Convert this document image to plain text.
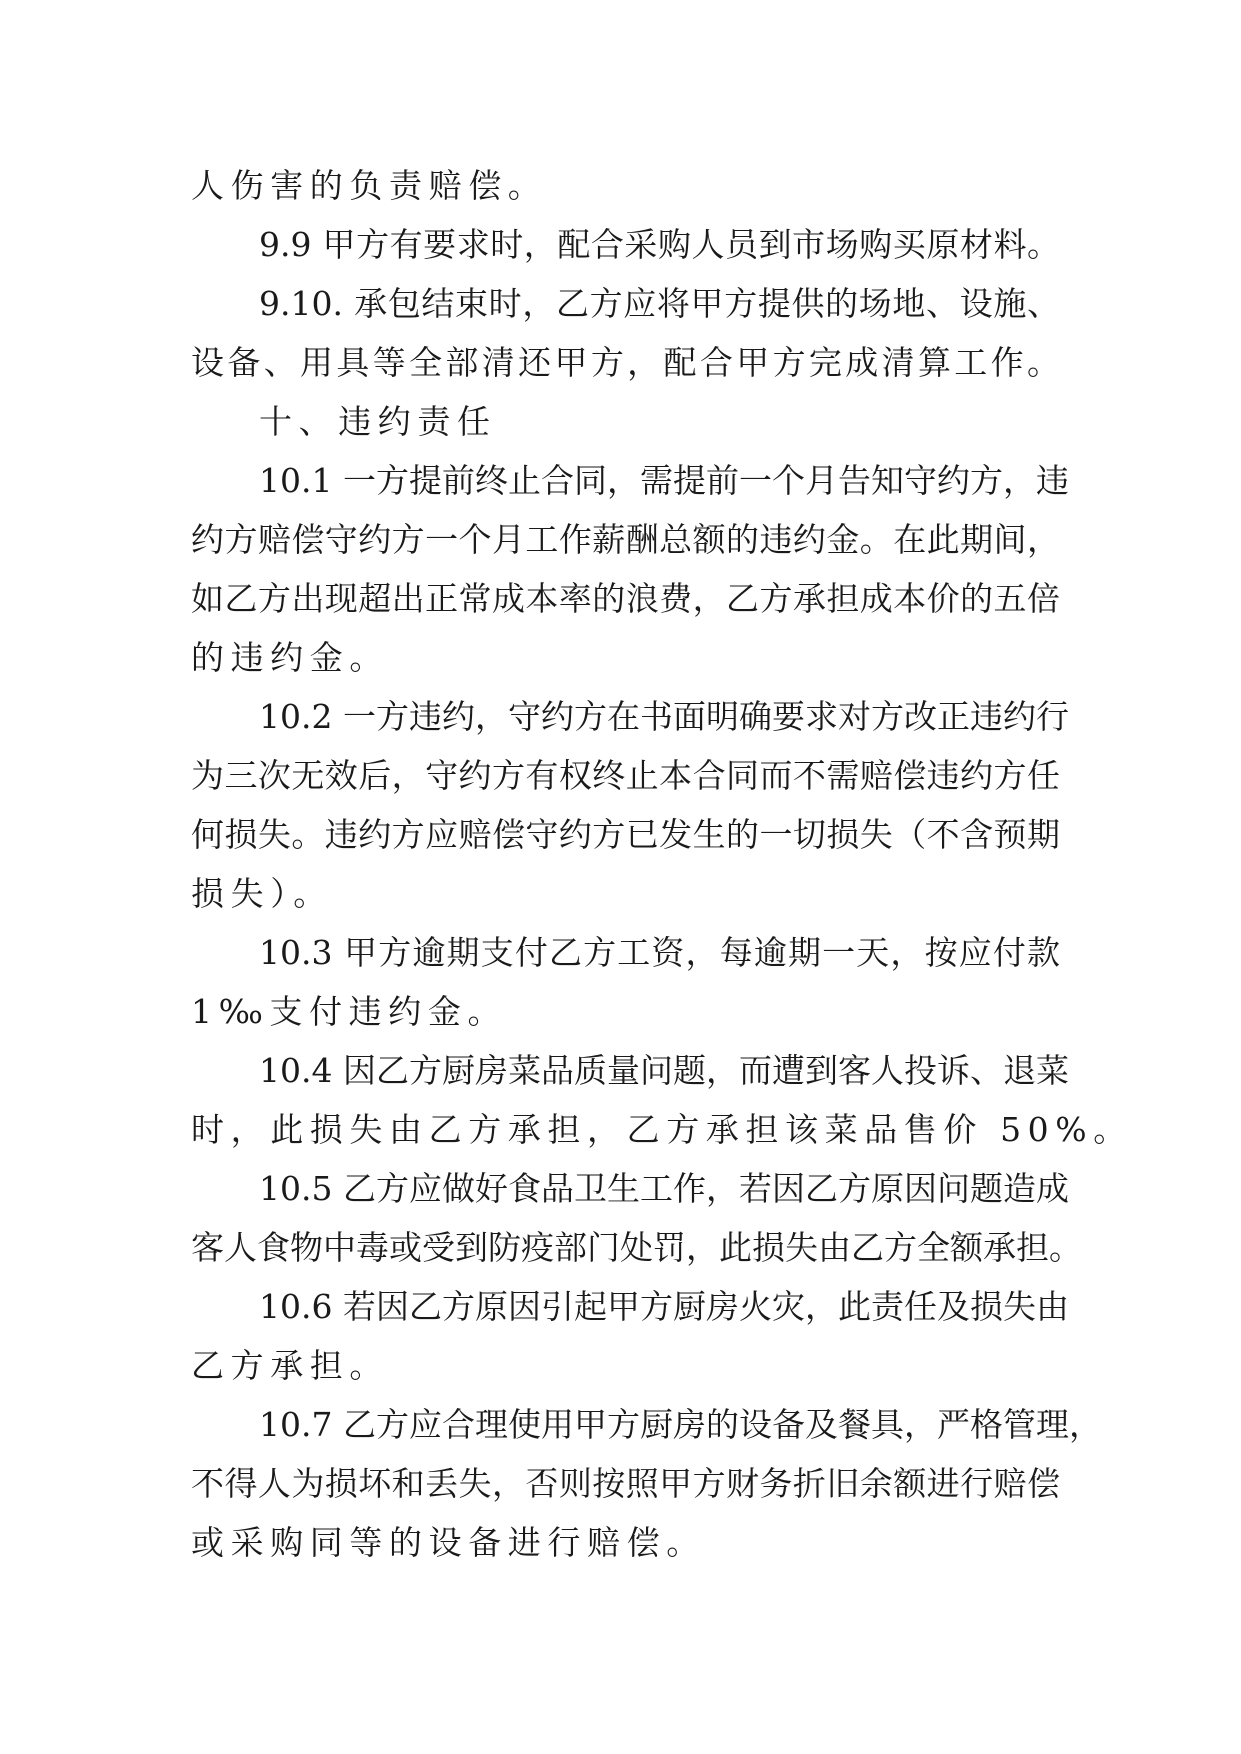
人伤害的负责赔偿。
9.9 甲方有要求时，配合采购人员到市场购买原材料。
9.10. 承包结束时，乙方应将甲方提供的场地、设施、
设备、用具等全部清还甲方，配合甲方完成清算工作。
十、违约责任
10.1 一方提前终止合同，需提前一个月告知守约方，违
约方赔偿守约方一个月工作薪酬总额的违约金。在此期间，
如乙方出现超出正常成本率的浪费，乙方承担成本价的五倍
的违约金。
10.2 一方违约，守约方在书面明确要求对方改正违约行
为三次无效后，守约方有权终止本合同而不需赔偿违约方任
何损失。违约方应赔偿守约方已发生的一切损失（不含预期
损失）。
10.3 甲方逾期支付乙方工资，每逾期一天，按应付款
1‰支付违约金。
10.4 因乙方厨房菜品质量问题，而遭到客人投诉、退菜
时，此损失由乙方承担，乙方承担该菜品售价 50%。
10.5 乙方应做好食品卫生工作，若因乙方原因问题造成
客人食物中毒或受到防疫部门处罚，此损失由乙方全额承担。
10.6 若因乙方原因引起甲方厨房火灾，此责任及损失由
乙方承担。
10.7 乙方应合理使用甲方厨房的设备及餐具，严格管理，
不得人为损坏和丢失，否则按照甲方财务折旧余额进行赔偿
或采购同等的设备进行赔偿。
